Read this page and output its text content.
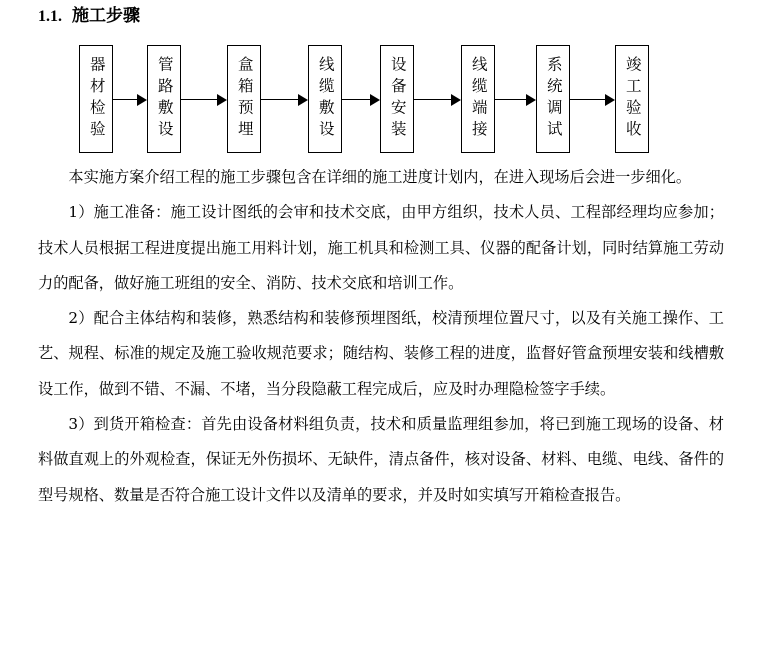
1.1. 施工步骤
器材检验	管路敷设	盒箱预埋	线缆敷设	设备安装	线缆端接	系统调试	竣工验收

本实施方案介绍工程的施工步骤包含在详细的施工进度计划内，在进入现场后会进一步细化。

1）施工准备：施工设计图纸的会审和技术交底，由甲方组织，技术人员、工程部经理均应参加；技术人员根据工程进度提出施工用料计划，施工机具和检测工具、仪器的配备计划，同时结算施工劳动力的配备，做好施工班组的安全、消防、技术交底和培训工作。

2）配合主体结构和装修，熟悉结构和装修预埋图纸，校清预埋位置尺寸，以及有关施工操作、工艺、规程、标准的规定及施工验收规范要求；随结构、装修工程的进度，监督好管盒预埋安装和线槽敷设工作，做到不错、不漏、不堵，当分段隐蔽工程完成后，应及时办理隐检签字手续。

3）到货开箱检查：首先由设备材料组负责，技术和质量监理组参加，将已到施工现场的设备、材料做直观上的外观检查，保证无外伤损坏、无缺件，清点备件，核对设备、材料、电缆、电线、备件的型号规格、数量是否符合施工设计文件以及清单的要求，并及时如实填写开箱检查报告。
